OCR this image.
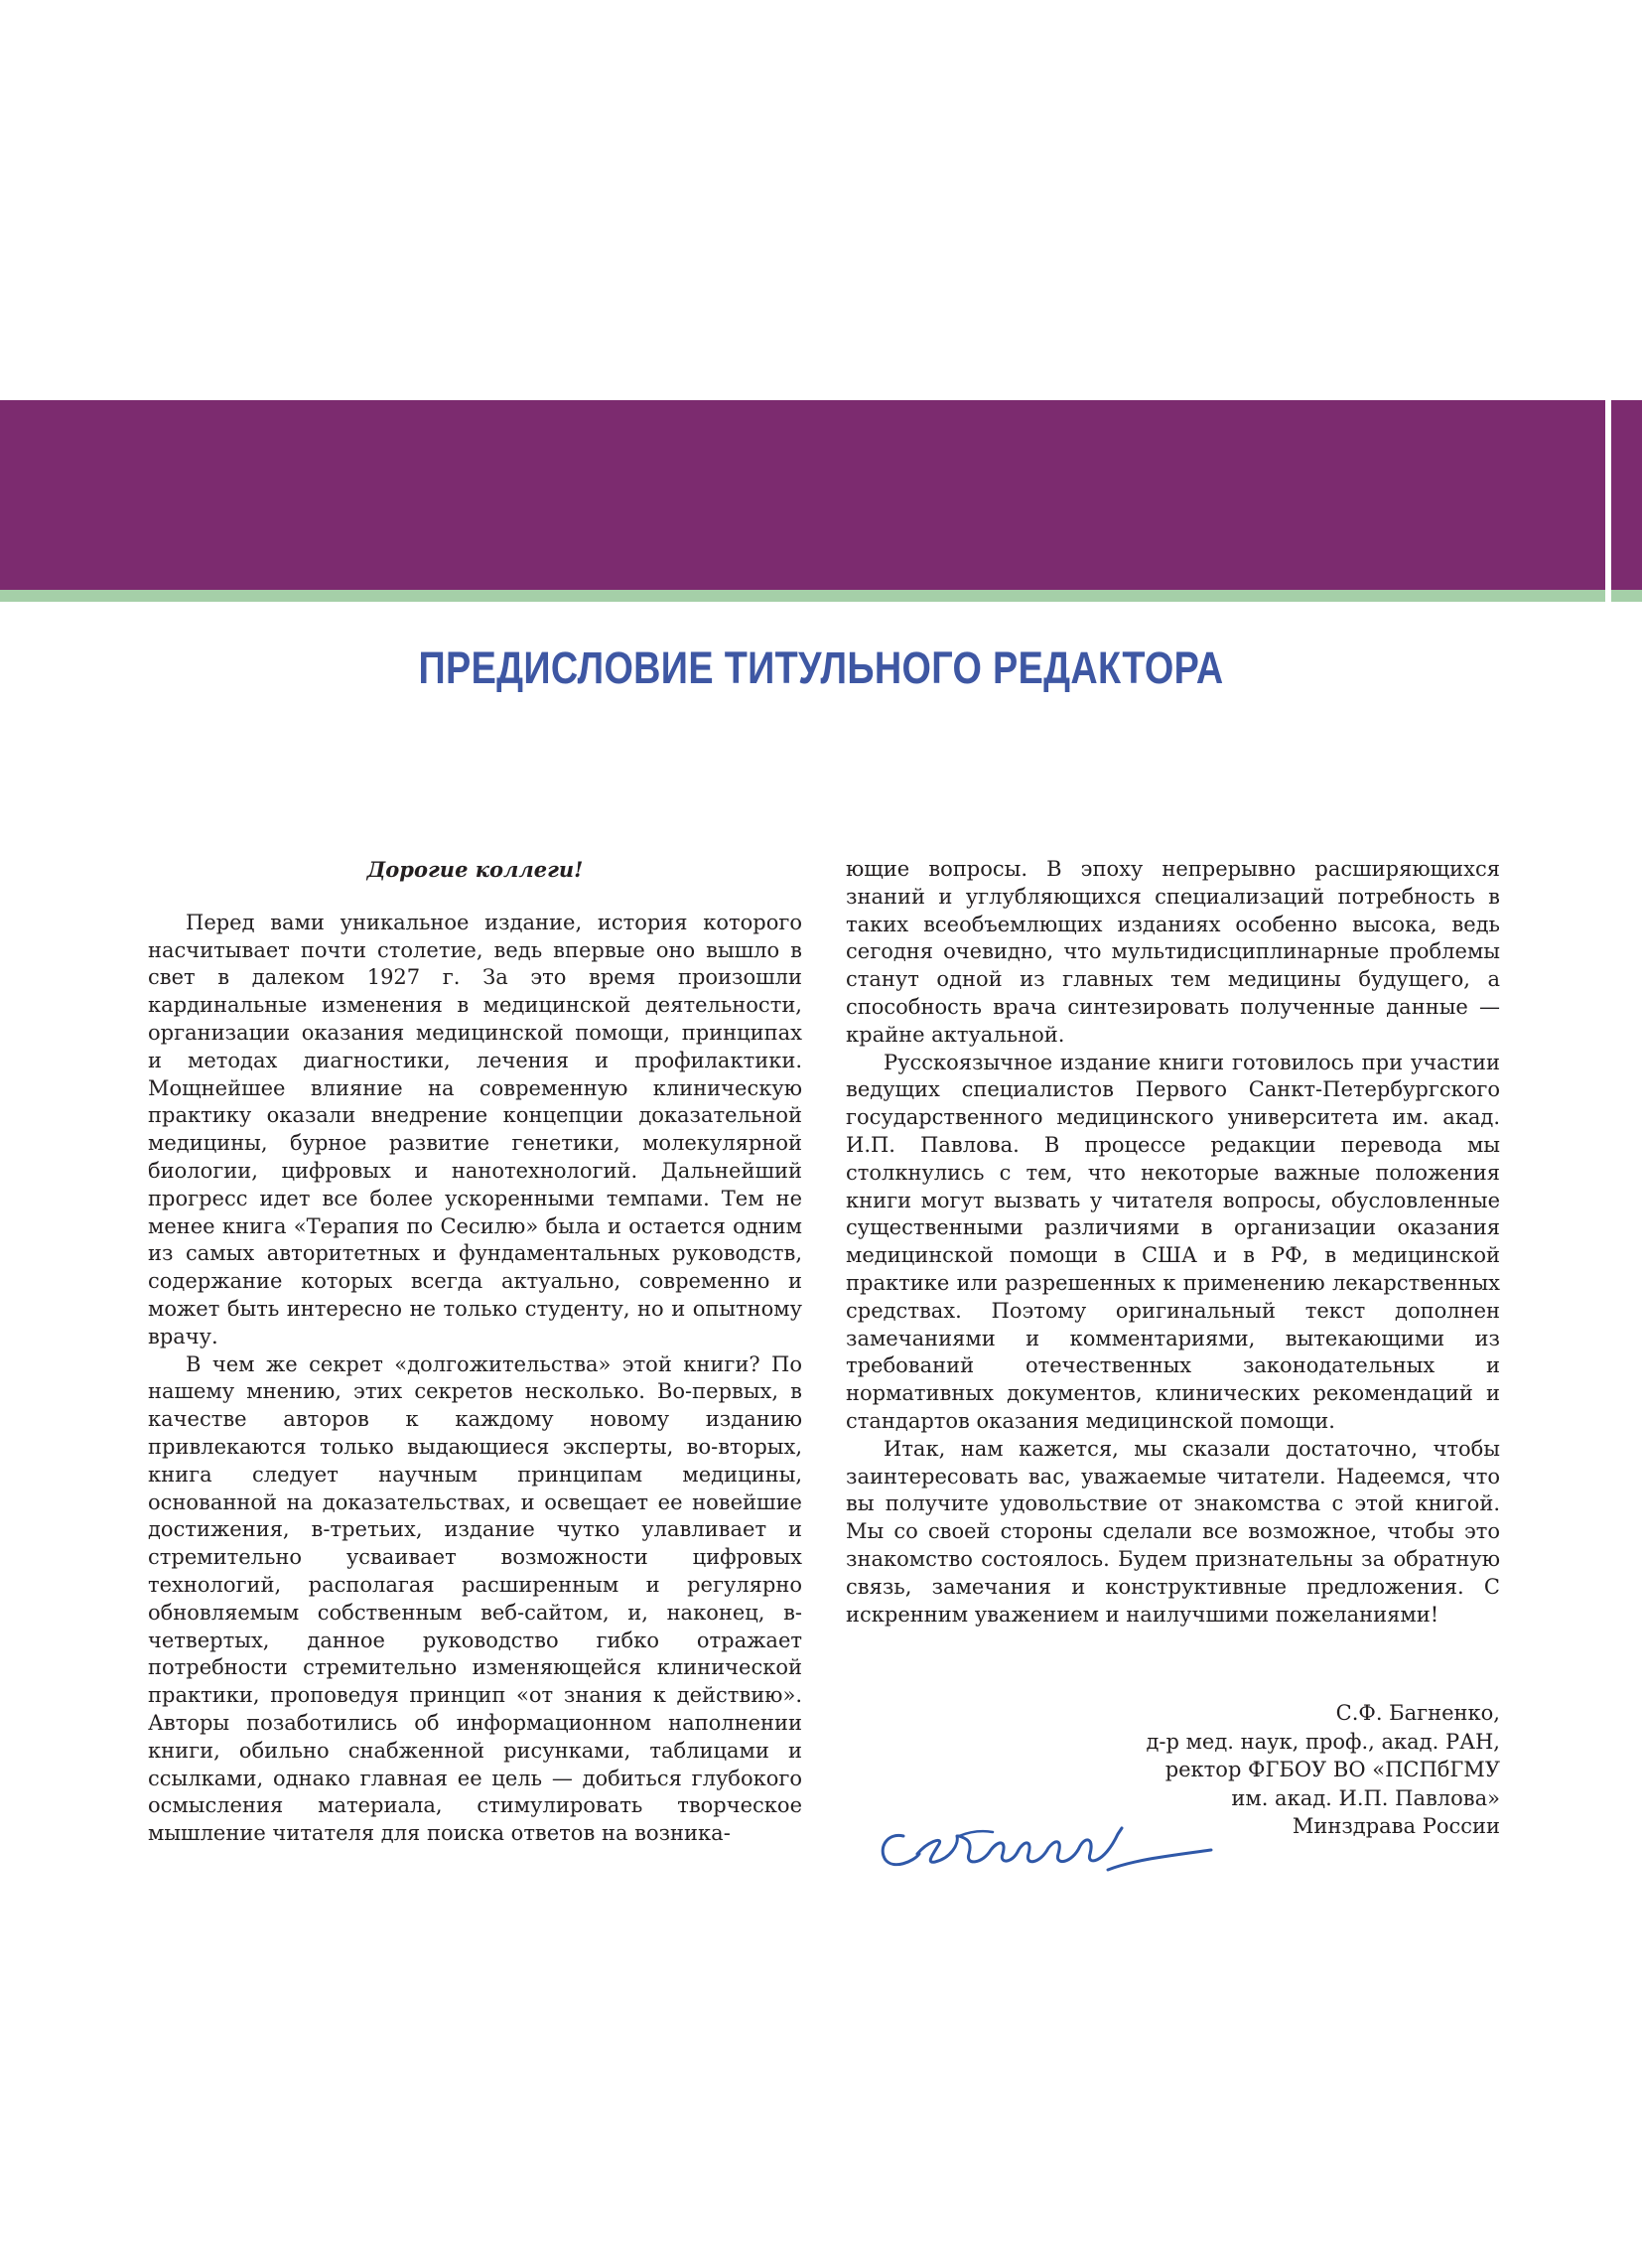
ПРЕДИСЛОВИЕ ТИТУЛЬНОГО РЕДАКТОРА

Дорогие коллеги!

Перед вами уникальное издание, история которого насчитывает почти столетие, ведь впервые оно вышло в свет в далеком 1927 г. За это время произошли кардинальные изменения в медицинской деятельности, организации оказания медицинской помощи, принципах и методах диагностики, лечения и профилактики. Мощнейшее влияние на современную клиническую практику оказали внедрение концепции доказательной медицины, бурное развитие генетики, молекулярной биологии, цифровых и нанотехнологий. Дальнейший прогресс идет все более ускоренными темпами. Тем не менее книга «Терапия по Сесилю» была и остается одним из самых авторитетных и фундаментальных руководств, содержание которых всегда актуально, современно и может быть интересно не только студенту, но и опытному врачу.

В чем же секрет «долгожительства» этой книги? По нашему мнению, этих секретов несколько. Во-первых, в качестве авторов к каждому новому изданию привлекаются только выдающиеся эксперты, во-вторых, книга следует научным принципам медицины, основанной на доказательствах, и освещает ее новейшие достижения, в-третьих, издание чутко улавливает и стремительно усваивает возможности цифровых технологий, располагая расширенным и регулярно обновляемым собственным веб-сайтом, и, наконец, в-четвертых, данное руководство гибко отражает потребности стремительно изменяющейся клинической практики, проповедуя принцип «от знания к действию». Авторы позаботились об информационном наполнении книги, обильно снабженной рисунками, таблицами и ссылками, однако главная ее цель — добиться глубокого осмысления материала, стимулировать творческое мышление читателя для поиска ответов на возника-

ющие вопросы. В эпоху непрерывно расширяющихся знаний и углубляющихся специализаций потребность в таких всеобъемлющих изданиях особенно высока, ведь сегодня очевидно, что мультидисциплинарные проблемы станут одной из главных тем медицины будущего, а способность врача синтезировать полученные данные — крайне актуальной.

Русскоязычное издание книги готовилось при участии ведущих специалистов Первого Санкт-Петербургского государственного медицинского университета им. акад. И.П. Павлова. В процессе редакции перевода мы столкнулись с тем, что некоторые важные положения книги могут вызвать у читателя вопросы, обусловленные существенными различиями в организации оказания медицинской помощи в США и в РФ, в медицинской практике или разрешенных к применению лекарственных средствах. Поэтому оригинальный текст дополнен замечаниями и комментариями, вытекающими из требований отечественных законодательных и нормативных документов, клинических рекомендаций и стандартов оказания медицинской помощи.

Итак, нам кажется, мы сказали достаточно, чтобы заинтересовать вас, уважаемые читатели. Надеемся, что вы получите удовольствие от знакомства с этой книгой. Мы со своей стороны сделали все возможное, чтобы это знакомство состоялось. Будем признательны за обратную связь, замечания и конструктивные предложения. С искренним уважением и наилучшими пожеланиями!

С.Ф. Багненко,
д-р мед. наук, проф., акад. РАН,
ректор ФГБОУ ВО «ПСПбГМУ
им. акад. И.П. Павлова»
Минздрава России
